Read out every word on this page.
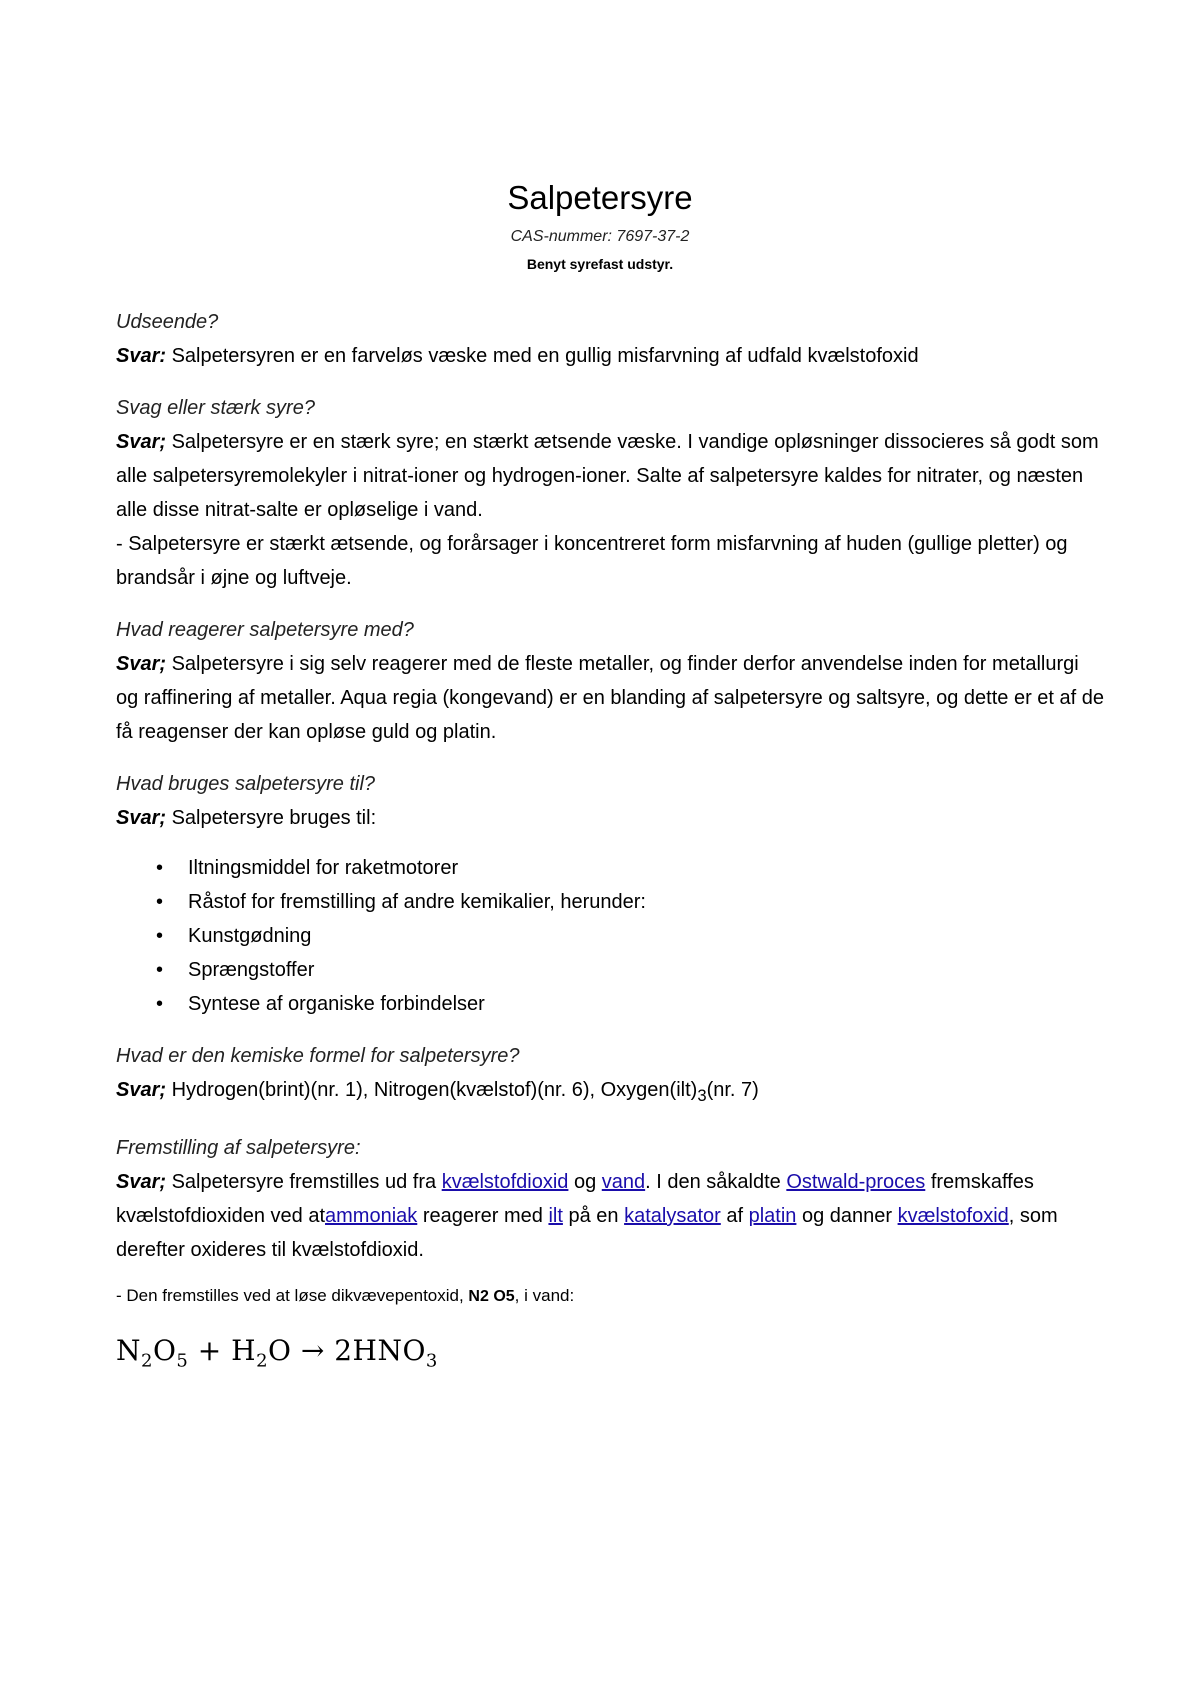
Salpetersyre
CAS-nummer: 7697-37-2
Benyt syrefast udstyr.

Udseende?

Svar: Salpetersyren er en farveløs væske med en gullig misfarvning af udfald kvælstofoxid

Svag eller stærk syre?

Svar; Salpetersyre er en stærk syre; en stærkt ætsende væske. I vandige opløsninger dissocieres så godt som alle salpetersyremolekyler i nitrat-ioner og hydrogen-ioner. Salte af salpetersyre kaldes for nitrater, og næsten alle disse nitrat-salte er opløselige i vand.

- Salpetersyre er stærkt ætsende, og forårsager i koncentreret form misfarvning af huden (gullige pletter) og brandsår i øjne og luftveje.

Hvad reagerer salpetersyre med?

Svar; Salpetersyre i sig selv reagerer med de fleste metaller, og finder derfor anvendelse inden for metallurgi og raffinering af metaller. Aqua regia (kongevand) er en blanding af salpetersyre og saltsyre, og dette er et af de få reagenser der kan opløse guld og platin.

Hvad bruges salpetersyre til?

Svar; Salpetersyre bruges til:

• Iltningsmiddel for raketmotorer
• Råstof for fremstilling af andre kemikalier, herunder:
• Kunstgødning
• Sprængstoffer
• Syntese af organiske forbindelser

Hvad er den kemiske formel for salpetersyre?

Svar; Hydrogen(brint)(nr. 1), Nitrogen(kvælstof)(nr. 6), $Oxygen(ilt)_3(nr$. 7)

Fremstilling af salpetersyre:

Svar; Salpetersyre fremstilles ud fra kvælstofdioxid og vand. I den såkaldte Ostwald-proces fremskaffes kvælstofdioxiden ved atammoniak reagerer med ilt på en katalysator af platin og danner kvælstofoxid, som derefter oxideres til kvælstofdioxid.

- Den fremstilles ved at løse dikvævepentoxid, N2 O5, i vand:

$N_2O_5 + H_2O \to 2HNO_3$
